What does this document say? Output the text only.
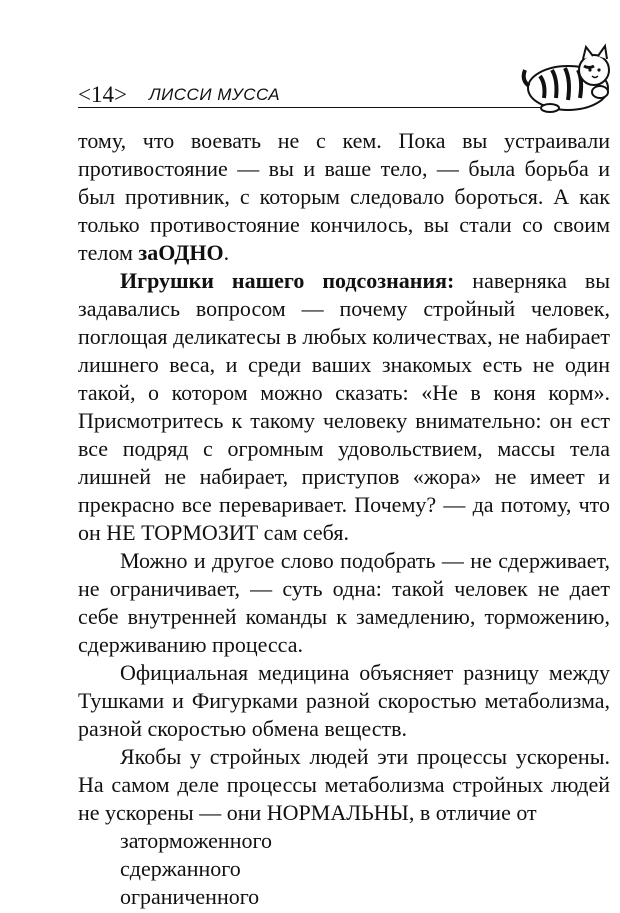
<14> ЛИССИ МУССА

тому, что воевать не с кем. Пока вы устраивали противостояние — вы и ваше тело, — была борьба и был противник, с которым следовало бороться. А как только противостояние кончилось, вы стали со своим телом заОДНО.

Игрушки нашего подсознания: наверняка вы задавались вопросом — почему стройный человек, поглощая деликатесы в любых количествах, не набирает лишнего веса, и среди ваших знакомых есть не один такой, о котором можно сказать: «Не в коня корм». Присмотритесь к такому человеку внимательно: он ест все подряд с огромным удовольствием, массы тела лишней не набирает, приступов «жора» не имеет и прекрасно все переваривает. Почему? — да потому, что он НЕ ТОРМОЗИТ сам себя.

Можно и другое слово подобрать — не сдерживает, не ограничивает, — суть одна: такой человек не дает себе внутренней команды к замедлению, торможению, сдерживанию процесса.

Официальная медицина объясняет разницу между Тушками и Фигурками разной скоростью метаболизма, разной скоростью обмена веществ.

Якобы у стройных людей эти процессы ускорены. На самом деле процессы метаболизма стройных людей не ускорены — они НОРМАЛЬНЫ, в отличие от

заторможенного
сдержанного
ограниченного
